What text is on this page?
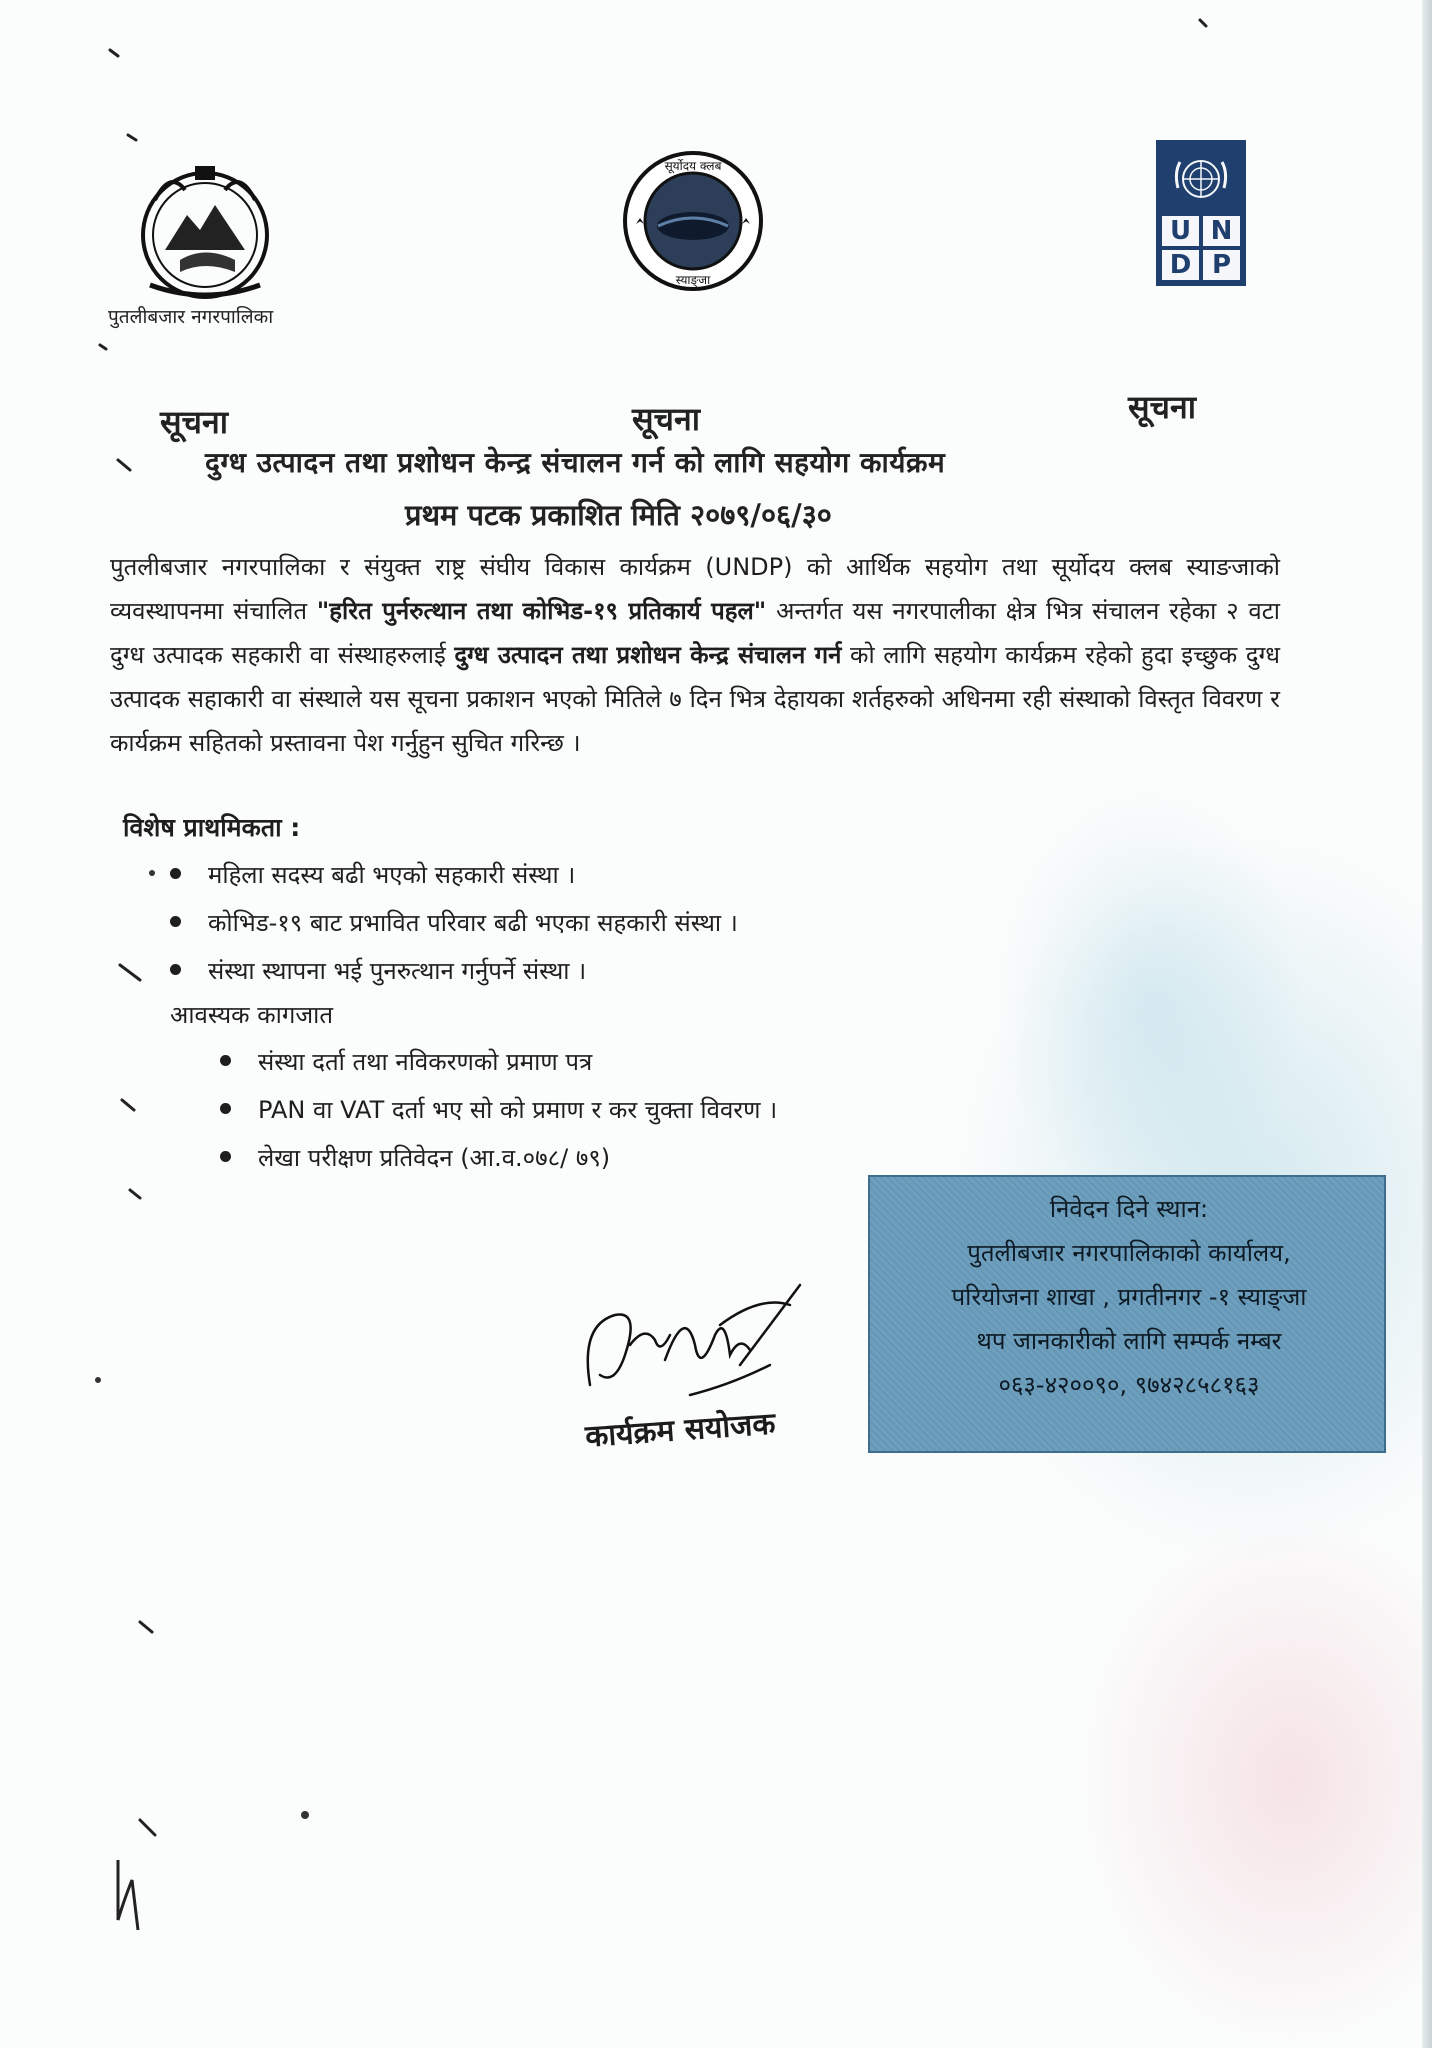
पुतलीबजार नगरपालिका
सूर्योदय क्लब
स्याङ्जा
U N
D P
सूचना	सूचना	सूचना
दुग्ध उत्पादन तथा प्रशोधन केन्द्र संचालन गर्न को लागि सहयोग कार्यक्रम
प्रथम पटक प्रकाशित मिति २०७९/०६/३०
पुतलीबजार नगरपालिका र संयुक्त राष्ट्र संघीय विकास कार्यक्रम (UNDP) को आर्थिक सहयोग तथा सूर्योदय क्लब स्याङजाको व्यवस्थापनमा संचालित "हरित पुर्नरुत्थान तथा कोभिड-१९ प्रतिकार्य पहल" अन्तर्गत यस नगरपालीका क्षेत्र भित्र संचालन रहेका २ वटा दुग्ध उत्पादक सहकारी वा संस्थाहरुलाई दुग्ध उत्पादन तथा प्रशोधन केन्द्र संचालन गर्न को लागि सहयोग कार्यक्रम रहेको हुदा इच्छुक दुग्ध उत्पादक सहाकारी वा संस्थाले यस सूचना प्रकाशन भएको मितिले ७ दिन भित्र देहायका शर्तहरुको अधिनमा रही संस्थाको विस्तृत विवरण र कार्यक्रम सहितको प्रस्तावना पेश गर्नुहुन सुचित गरिन्छ ।
विशेष प्राथमिकता :
महिला सदस्य बढी भएको सहकारी संस्था ।
कोभिड-१९ बाट प्रभावित परिवार बढी भएका सहकारी संस्था ।
संस्था स्थापना भई पुनरुत्थान गर्नुपर्ने संस्था ।
आवस्यक कागजात
संस्था दर्ता तथा नविकरणको प्रमाण पत्र
PAN वा VAT दर्ता भए सो को प्रमाण र कर चुक्ता विवरण ।
लेखा परीक्षण प्रतिवेदन (आ.व.०७८/ ७९)
निवेदन दिने स्थान:
पुतलीबजार नगरपालिकाको कार्यालय,
परियोजना शाखा , प्रगतीनगर -१ स्याङ्जा
थप जानकारीको लागि सम्पर्क नम्बर
०६३-४२००९०, ९७४२८५८१६३
कार्यक्रम सयोजक
